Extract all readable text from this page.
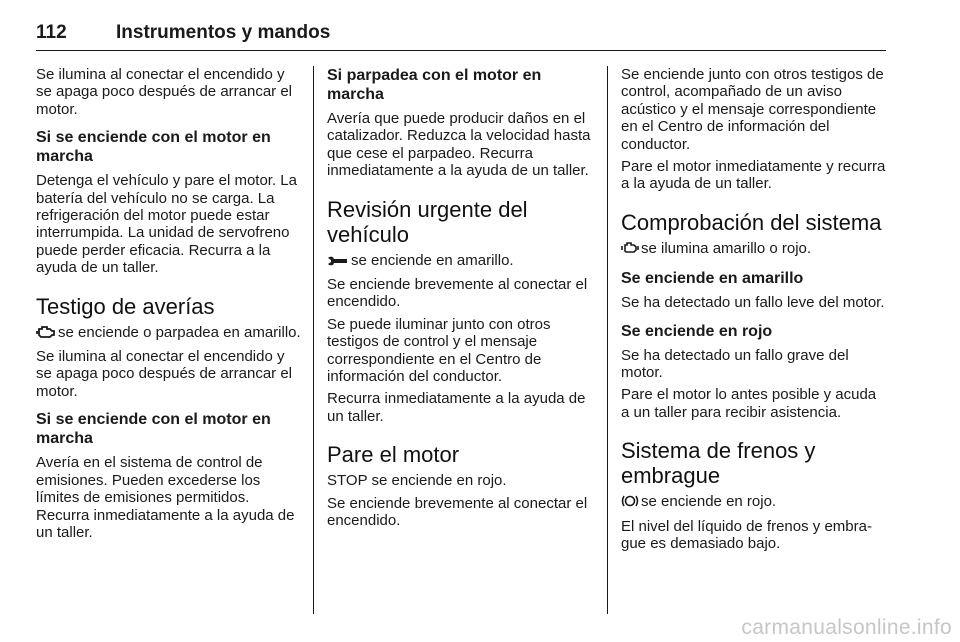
112	Instrumentos y mandos

Se ilumina al conectar el encendido y se apaga poco después de arrancar el motor.

Si se enciende con el motor en marcha

Detenga el vehículo y pare el motor. La batería del vehículo no se carga. La refrigeración del motor puede estar interrumpida. La unidad de servofreno puede perder eficacia. Recurra a la ayuda de un taller.

Testigo de averías

se enciende o parpadea en amarillo.

Se ilumina al conectar el encendido y se apaga poco después de arrancar el motor.

Si se enciende con el motor en marcha

Avería en el sistema de control de emisiones. Pueden excederse los límites de emisiones permitidos. Recurra inmediatamente a la ayuda de un taller.

Si parpadea con el motor en marcha

Avería que puede producir daños en el catalizador. Reduzca la velocidad hasta que cese el parpadeo. Recurra inmediatamente a la ayuda de un taller.

Revisión urgente del vehículo

se enciende en amarillo.

Se enciende brevemente al conectar el encendido.

Se puede iluminar junto con otros testigos de control y el mensaje correspondiente en el Centro de información del conductor.

Recurra inmediatamente a la ayuda de un taller.

Pare el motor

STOP se enciende en rojo.

Se enciende brevemente al conectar el encendido.

Se enciende junto con otros testigos de control, acompañado de un aviso acústico y el mensaje correspondiente en el Centro de información del conductor.

Pare el motor inmediatamente y recurra a la ayuda de un taller.

Comprobación del sistema

se ilumina amarillo o rojo.

Se enciende en amarillo

Se ha detectado un fallo leve del motor.

Se enciende en rojo

Se ha detectado un fallo grave del motor.

Pare el motor lo antes posible y acuda a un taller para recibir asistencia.

Sistema de frenos y embrague

se enciende en rojo.

El nivel del líquido de frenos y embrague es demasiado bajo.

carmanualsonline.info
